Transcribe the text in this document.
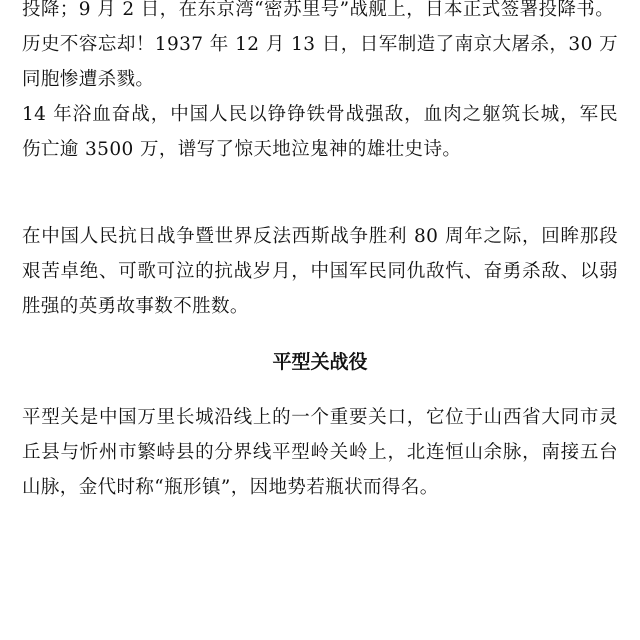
投降；9 月 2 日，在东京湾“密苏里号”战舰上，日本正式签署投降书。

历史不容忘却！1937 年 12 月 13 日，日军制造了南京大屠杀，30 万同胞惨遭杀戮。

14 年浴血奋战，中国人民以铮铮铁骨战强敌，血肉之躯筑长城，军民伤亡逾 3500 万，谱写了惊天地泣鬼神的雄壮史诗。

在中国人民抗日战争暨世界反法西斯战争胜利 80 周年之际，回眸那段艰苦卓绝、可歌可泣的抗战岁月，中国军民同仇敌忾、奋勇杀敌、以弱胜强的英勇故事数不胜数。

平型关战役

平型关是中国万里长城沿线上的一个重要关口，它位于山西省大同市灵丘县与忻州市繁峙县的分界线平型岭关岭上，北连恒山余脉，南接五台山脉，金代时称“瓶形镇”，因地势若瓶状而得名。
